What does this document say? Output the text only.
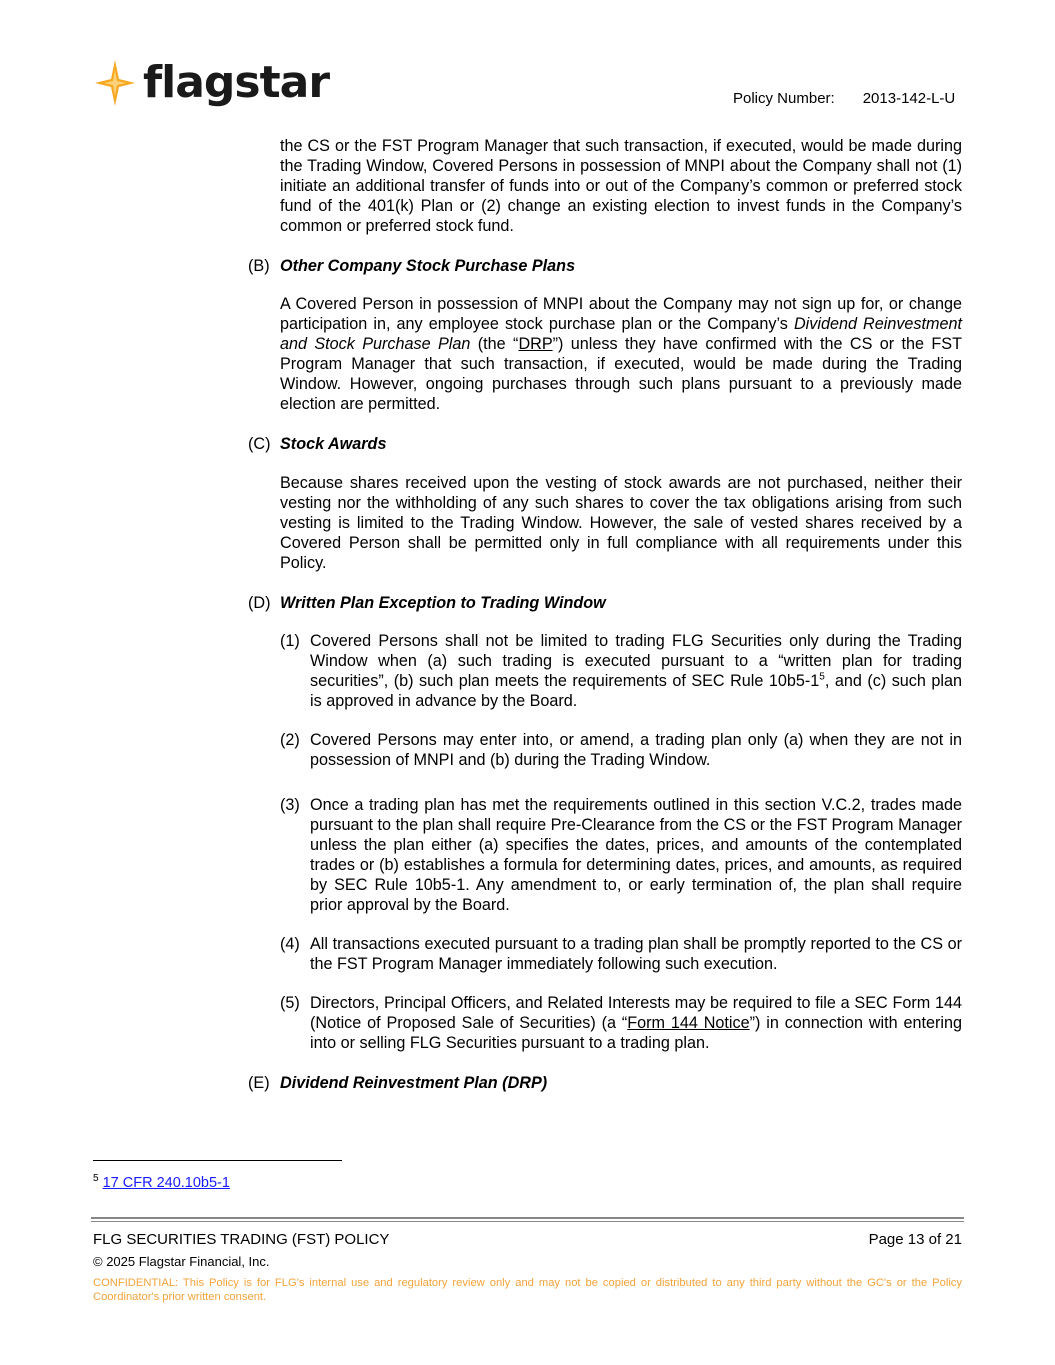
flagstar	Policy Number: 2013-142-L-U

the CS or the FST Program Manager that such transaction, if executed, would be made during the Trading Window, Covered Persons in possession of MNPI about the Company shall not (1) initiate an additional transfer of funds into or out of the Company’s common or preferred stock fund of the 401(k) Plan or (2) change an existing election to invest funds in the Company’s common or preferred stock fund.

(B) Other Company Stock Purchase Plans

A Covered Person in possession of MNPI about the Company may not sign up for, or change participation in, any employee stock purchase plan or the Company’s Dividend Reinvestment and Stock Purchase Plan (the “DRP”) unless they have confirmed with the CS or the FST Program Manager that such transaction, if executed, would be made during the Trading Window. However, ongoing purchases through such plans pursuant to a previously made election are permitted.

(C) Stock Awards

Because shares received upon the vesting of stock awards are not purchased, neither their vesting nor the withholding of any such shares to cover the tax obligations arising from such vesting is limited to the Trading Window. However, the sale of vested shares received by a Covered Person shall be permitted only in full compliance with all requirements under this Policy.

(D) Written Plan Exception to Trading Window
(1) Covered Persons shall not be limited to trading FLG Securities only during the Trading Window when (a) such trading is executed pursuant to a “written plan for trading securities”, (b) such plan meets the requirements of SEC Rule $10b5-1^5$, and (c) such plan is approved in advance by the Board.
(2) Covered Persons may enter into, or amend, a trading plan only (a) when they are not in possession of MNPI and (b) during the Trading Window.
(3) Once a trading plan has met the requirements outlined in this section V.C.2, trades made pursuant to the plan shall require Pre-Clearance from the CS or the FST Program Manager unless the plan either (a) specifies the dates, prices, and amounts of the contemplated trades or (b) establishes a formula for determining dates, prices, and amounts, as required by SEC Rule 10b5-1. Any amendment to, or early termination of, the plan shall require prior approval by the Board.
(4) All transactions executed pursuant to a trading plan shall be promptly reported to the CS or the FST Program Manager immediately following such execution.
(5) Directors, Principal Officers, and Related Interests may be required to file a SEC Form 144 (Notice of Proposed Sale of Securities) (a “Form 144 Notice”) in connection with entering into or selling FLG Securities pursuant to a trading plan.
(E) Dividend Reinvestment Plan (DRP)
$^5$ 17 CFR 240.10b5-1
FLG SECURITIES TRADING (FST) POLICY	Page 13 of 21
© 2025 Flagstar Financial, Inc.
CONFIDENTIAL: This Policy is for FLG's internal use and regulatory review only and may not be copied or distributed to any third party without the GC's or the Policy Coordinator's prior written consent.
